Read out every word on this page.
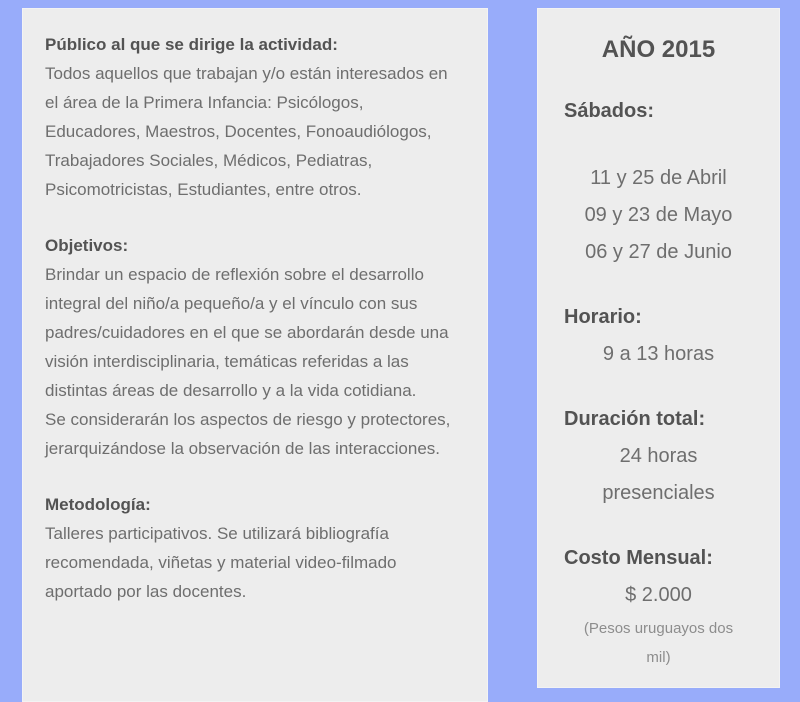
Público al que se dirige la actividad:

Todos aquellos que trabajan y/o están interesados en el área de la Primera Infancia: Psicólogos, Educadores, Maestros, Docentes, Fonoaudiólogos, Trabajadores Sociales, Médicos, Pediatras, Psicomotricistas, Estudiantes, entre otros.

Objetivos:

Brindar un espacio de reflexión sobre el desarrollo integral del niño/a pequeño/a y el vínculo con sus padres/cuidadores en el que se abordarán desde una visión interdisciplinaria, temáticas referidas a las distintas áreas de desarrollo y a la vida cotidiana.

Se considerarán los aspectos de riesgo y protectores, jerarquizándose la observación de las interacciones.

Metodología:

Talleres participativos. Se utilizará bibliografía recomendada, viñetas y material video-filmado aportado por las docentes.

AÑO 2015
Sábados:
11 y 25 de Abril
09 y 23 de Mayo
06 y 27 de Junio
Horario:
9 a 13 horas
Duración total:
24 horas presenciales
Costo Mensual:
$ 2.000
(Pesos uruguayos dos mil)
